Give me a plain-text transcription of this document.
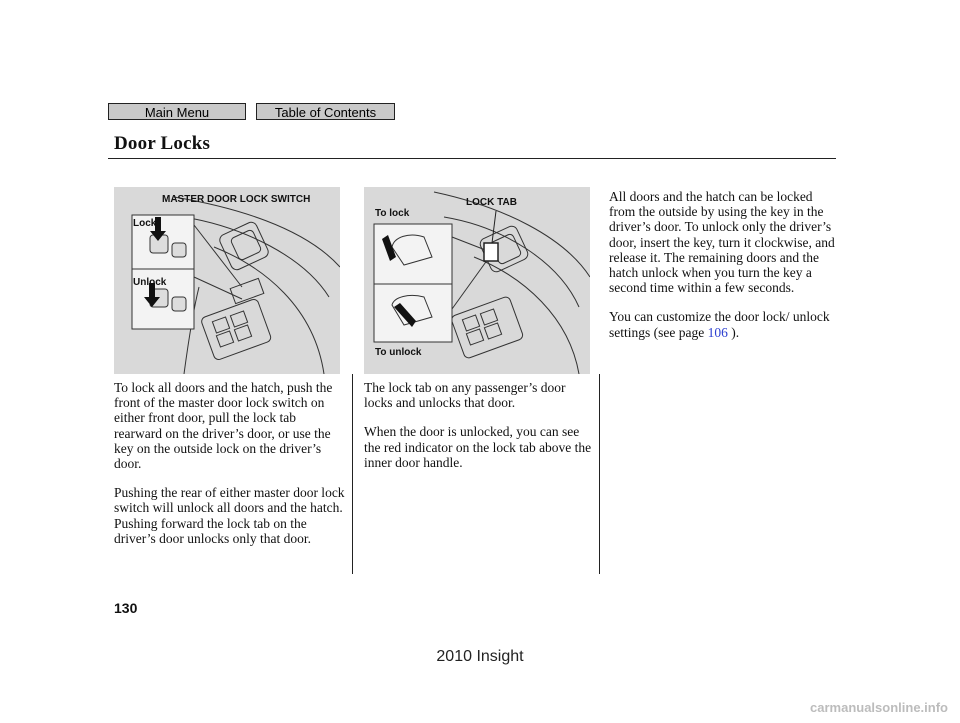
Main Menu	Table of Contents
Door Locks
MASTER DOOR LOCK SWITCH
Lock
Unlock
LOCK TAB
To lock
To unlock

To lock all doors and the hatch, push the front of the master door lock switch on either front door, pull the lock tab rearward on the driver’s door, or use the key on the outside lock on the driver’s door.

Pushing the rear of either master door lock switch will unlock all doors and the hatch. Pushing forward the lock tab on the driver’s door unlocks only that door.

The lock tab on any passenger’s door locks and unlocks that door.

When the door is unlocked, you can see the red indicator on the lock tab above the inner door handle.

All doors and the hatch can be locked from the outside by using the key in the driver’s door. To unlock only the driver’s door, insert the key, turn it clockwise, and release it. The remaining doors and the hatch unlock when you turn the key a second time within a few seconds.

You can customize the door lock/ unlock settings (see page 106 ).

130
2010 Insight
carmanualsonline.info
